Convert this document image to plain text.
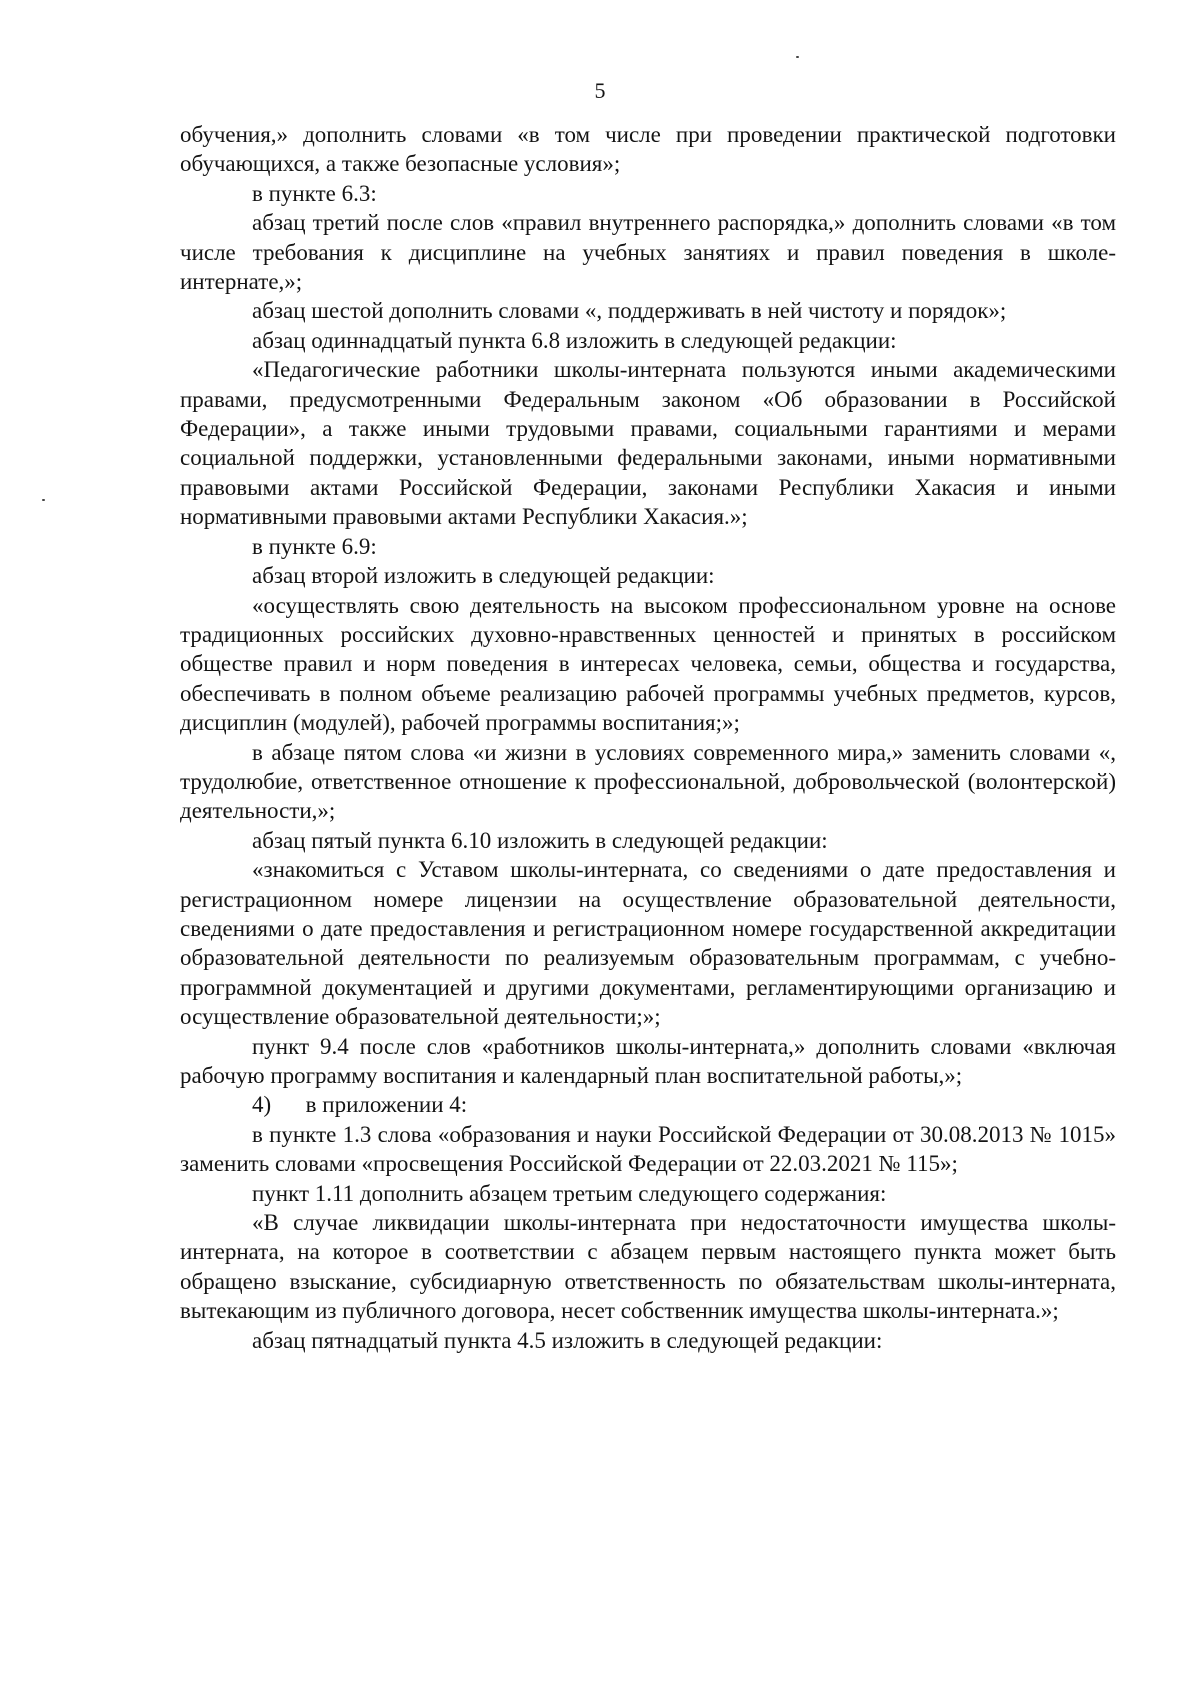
5

обучения,» дополнить словами «в том числе при проведении практической подготовки обучающихся, а также безопасные условия»;

в пункте 6.3:

абзац третий после слов «правил внутреннего распорядка,» дополнить словами «в том числе требования к дисциплине на учебных занятиях и правил поведения в школе-интернате,»;

абзац шестой дополнить словами «, поддерживать в ней чистоту и порядок»;

абзац одиннадцатый пункта 6.8 изложить в следующей редакции:

«Педагогические работники школы-интерната пользуются иными академическими правами, предусмотренными Федеральным законом «Об образовании в Российской Федерации», а также иными трудовыми правами, социальными гарантиями и мерами социальной поддержки, установленными федеральными законами, иными нормативными правовыми актами Российской Федерации, законами Республики Хакасия и иными нормативными правовыми актами Республики Хакасия.»;

в пункте 6.9:

абзац второй изложить в следующей редакции:

«осуществлять свою деятельность на высоком профессиональном уровне на основе традиционных российских духовно-нравственных ценностей и принятых в российском обществе правил и норм поведения в интересах человека, семьи, общества и государства, обеспечивать в полном объеме реализацию рабочей программы учебных предметов, курсов, дисциплин (модулей), рабочей программы воспитания;»;

в абзаце пятом слова «и жизни в условиях современного мира,» заменить словами «, трудолюбие, ответственное отношение к профессиональной, добровольческой (волонтерской) деятельности,»;

абзац пятый пункта 6.10 изложить в следующей редакции:

«знакомиться с Уставом школы-интерната, со сведениями о дате предоставления и регистрационном номере лицензии на осуществление образовательной деятельности, сведениями о дате предоставления и регистрационном номере государственной аккредитации образовательной деятельности по реализуемым образовательным программам, с учебно-программной документацией и другими документами, регламентирующими организацию и осуществление образовательной деятельности;»;

пункт 9.4 после слов «работников школы-интерната,» дополнить словами «включая рабочую программу воспитания и календарный план воспитательной работы,»;

4)      в приложении 4:

в пункте 1.3 слова «образования и науки Российской Федерации от 30.08.2013 № 1015» заменить словами «просвещения Российской Федерации от 22.03.2021 № 115»;

пункт 1.11 дополнить абзацем третьим следующего содержания:

«В случае ликвидации школы-интерната при недостаточности имущества школы-интерната, на которое в соответствии с абзацем первым настоящего пункта может быть обращено взыскание, субсидиарную ответственность по обязательствам школы-интерната, вытекающим из публичного договора, несет собственник имущества школы-интерната.»;

абзац пятнадцатый пункта 4.5 изложить в следующей редакции:
